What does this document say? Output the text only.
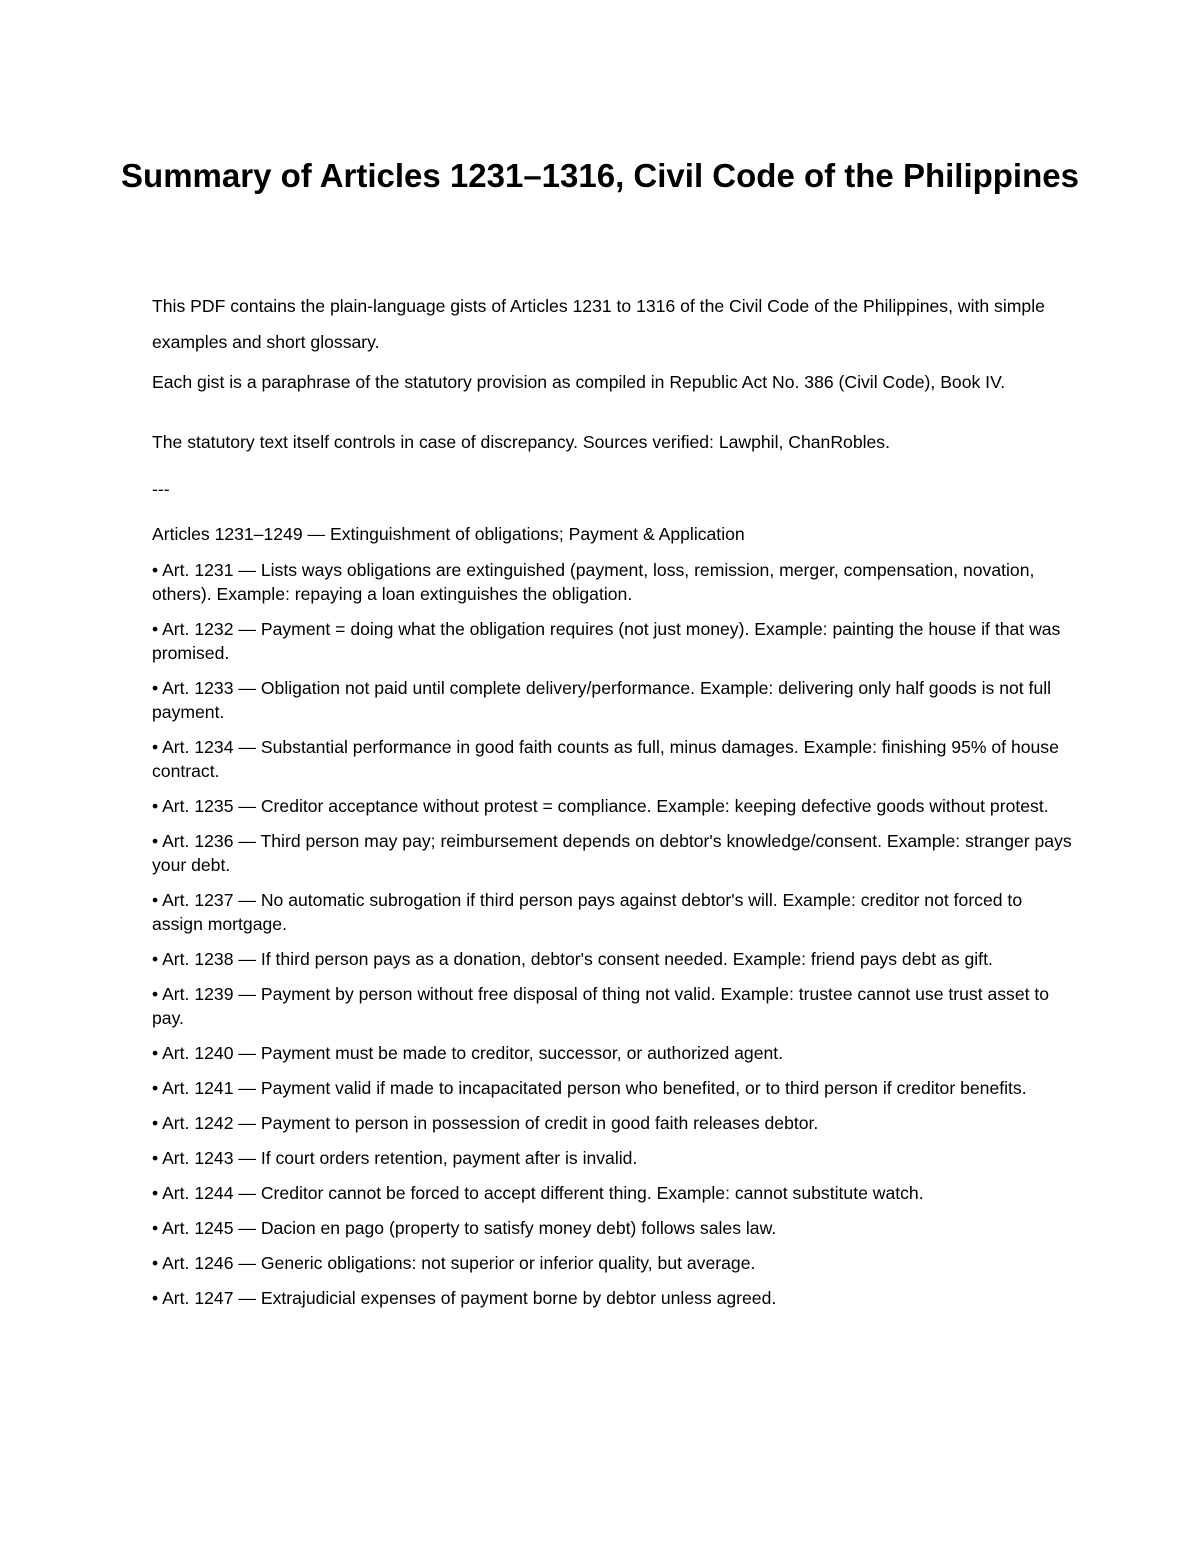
Summary of Articles 1231–1316, Civil Code of the Philippines

This PDF contains the plain-language gists of Articles 1231 to 1316 of the Civil Code of the Philippines, with simple examples and short glossary.

Each gist is a paraphrase of the statutory provision as compiled in Republic Act No. 386 (Civil Code), Book IV.

The statutory text itself controls in case of discrepancy. Sources verified: Lawphil, ChanRobles.

---

Articles 1231–1249 — Extinguishment of obligations; Payment & Application

• Art. 1231 — Lists ways obligations are extinguished (payment, loss, remission, merger, compensation, novation, others). Example: repaying a loan extinguishes the obligation.
• Art. 1232 — Payment = doing what the obligation requires (not just money). Example: painting the house if that was promised.
• Art. 1233 — Obligation not paid until complete delivery/performance. Example: delivering only half goods is not full payment.
• Art. 1234 — Substantial performance in good faith counts as full, minus damages. Example: finishing 95% of house contract.
• Art. 1235 — Creditor acceptance without protest = compliance. Example: keeping defective goods without protest.
• Art. 1236 — Third person may pay; reimbursement depends on debtor's knowledge/consent. Example: stranger pays your debt.
• Art. 1237 — No automatic subrogation if third person pays against debtor's will. Example: creditor not forced to assign mortgage.
• Art. 1238 — If third person pays as a donation, debtor's consent needed. Example: friend pays debt as gift.
• Art. 1239 — Payment by person without free disposal of thing not valid. Example: trustee cannot use trust asset to pay.
• Art. 1240 — Payment must be made to creditor, successor, or authorized agent.
• Art. 1241 — Payment valid if made to incapacitated person who benefited, or to third person if creditor benefits.
• Art. 1242 — Payment to person in possession of credit in good faith releases debtor.
• Art. 1243 — If court orders retention, payment after is invalid.
• Art. 1244 — Creditor cannot be forced to accept different thing. Example: cannot substitute watch.
• Art. 1245 — Dacion en pago (property to satisfy money debt) follows sales law.
• Art. 1246 — Generic obligations: not superior or inferior quality, but average.
• Art. 1247 — Extrajudicial expenses of payment borne by debtor unless agreed.
